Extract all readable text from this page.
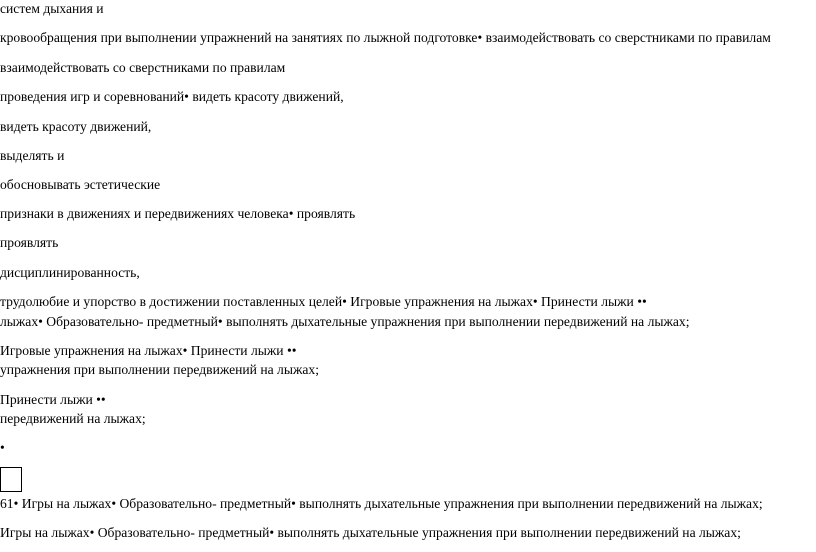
систем дыхания и
кровообращения при выполнении упражнений на занятиях по лыжной подготовке• взаимодействовать со сверстниками по правилам
взаимодействовать со сверстниками по правилам
проведения игр и соревнований• видеть красоту движений,
видеть красоту движений,
выделять и
обосновывать эстетические
признаки в движениях и передвижениях человека• проявлять
проявлять
дисциплинированность,
трудолюбие и упорство в достижении поставленных целей• Игровые упражнения на лыжах• Принести лыжи ••
лыжах• Образовательно- предметный• выполнять дыхательные упражнения при выполнении передвижений на лыжах;
Игровые упражнения на лыжах• Принести лыжи ••
упражнения при выполнении передвижений на лыжах;
Принести лыжи ••
передвижений на лыжах;
•
61• Игры на лыжах• Образовательно- предметный• выполнять дыхательные упражнения при выполнении передвижений на лыжах;
Игры на лыжах• Образовательно- предметный• выполнять дыхательные упражнения при выполнении передвижений на лыжах;
